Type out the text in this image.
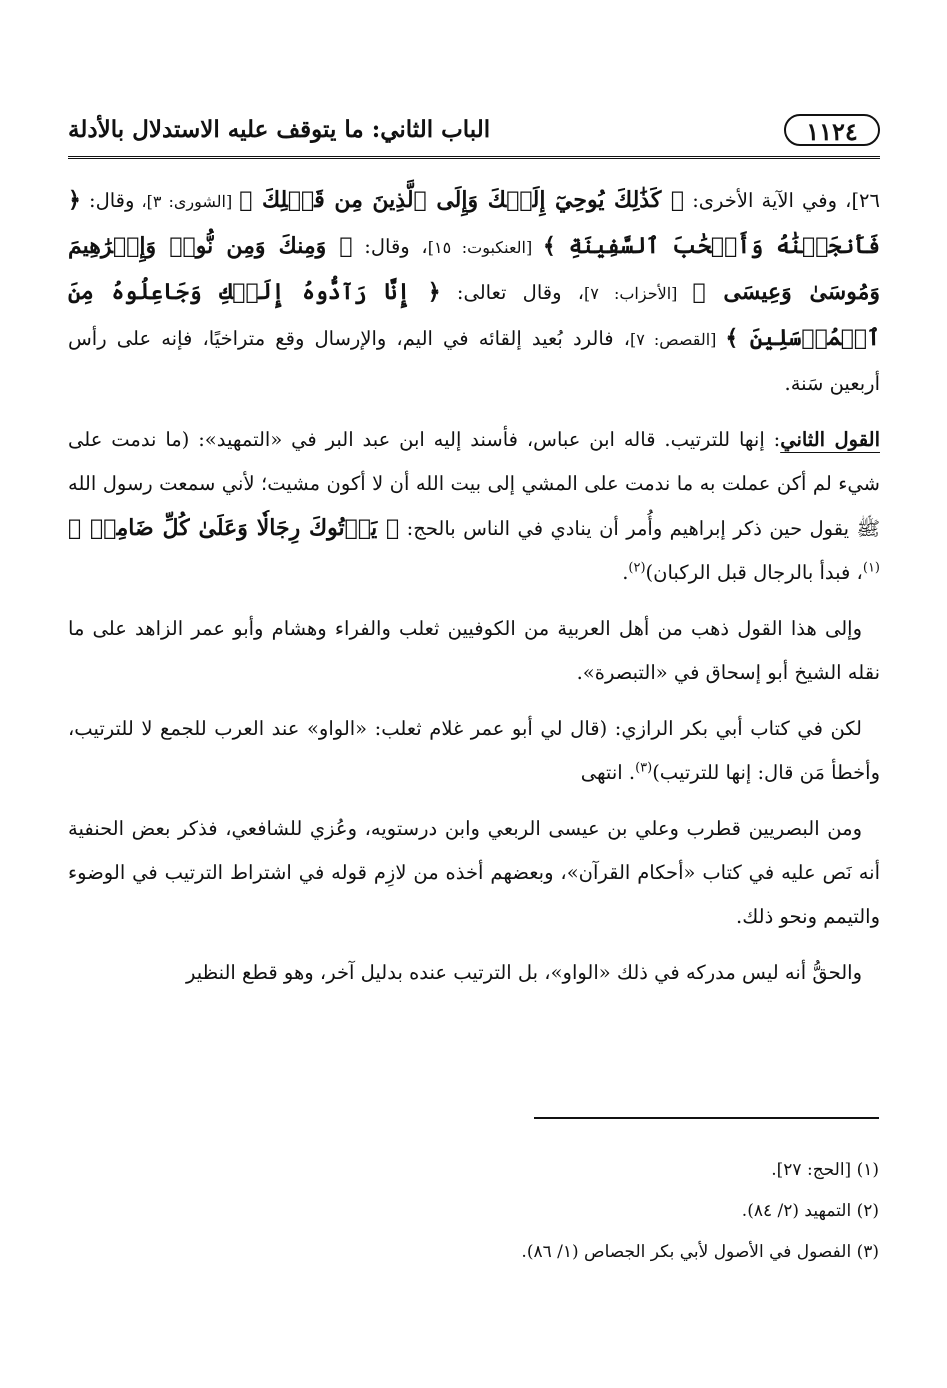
١١٢٤
الباب الثاني: ما يتوقف عليه الاستدلال بالأدلة

٢٦]، وفي الآية الأخرى: ﴿ كَذَٰلِكَ يُوحِيٓ إِلَيۡكَ وَإِلَى ٱلَّذِينَ مِن قَبۡلِكَ ﴾ [الشورى: ٣]، وقال: ﴿ فَأَنجَيۡنَٰهُ وَأَصۡحَٰبَ ٱلسَّفِينَةِ ﴾ [العنكبوت: ١٥]، وقال: ﴿ وَمِنكَ وَمِن نُّوحٖ وَإِبۡرَٰهِيمَ وَمُوسَىٰ وَعِيسَى ﴾ [الأحزاب: ٧]، وقال تعالى: ﴿ إِنَّا رَآدُّوهُ إِلَيۡكِ وَجَاعِلُوهُ مِنَ ٱلۡمُرۡسَلِينَ ﴾ [القصص: ٧]، فالرد بُعيد إلقائه في اليم، والإرسال وقع متراخيًا، فإنه على رأس أربعين سَنة.

القول الثاني: إنها للترتيب. قاله ابن عباس، فأسند إليه ابن عبد البر في «التمهيد»: (ما ندمت على شيء لم أكن عملت به ما ندمت على المشي إلى بيت الله أن لا أكون مشيت؛ لأني سمعت رسول الله ﷺ يقول حين ذكر إبراهيم وأُمر أن ينادي في الناس بالحج: ﴿ يَأۡتُوكَ رِجَالٗا وَعَلَىٰ كُلِّ ضَامِرٖ ﴾$^{(١)}$، فبدأ بالرجال قبل الركبان)$^{(٢)}$.

وإلى هذا القول ذهب من أهل العربية من الكوفيين ثعلب والفراء وهشام وأبو عمر الزاهد على ما نقله الشيخ أبو إسحاق في «التبصرة».

لكن في كتاب أبي بكر الرازي: (قال لي أبو عمر غلام ثعلب: «الواو» عند العرب للجمع لا للترتيب، وأخطأ مَن قال: إنها للترتيب)$^{(٣)}$. انتهى

ومن البصريين قطرب وعلي بن عيسى الربعي وابن درستويه، وعُزي للشافعي، فذكر بعض الحنفية أنه نَص عليه في كتاب «أحكام القرآن»، وبعضهم أخذه من لازِم قوله في اشتراط الترتيب في الوضوء والتيمم ونحو ذلك.

والحقُّ أنه ليس مدركه في ذلك «الواو»، بل الترتيب عنده بدليل آخر، وهو قطع النظير

(١) [الحج: ٢٧].
(٢) التمهيد (٢/ ٨٤).
(٣) الفصول في الأصول لأبي بكر الجصاص (١/ ٨٦).
